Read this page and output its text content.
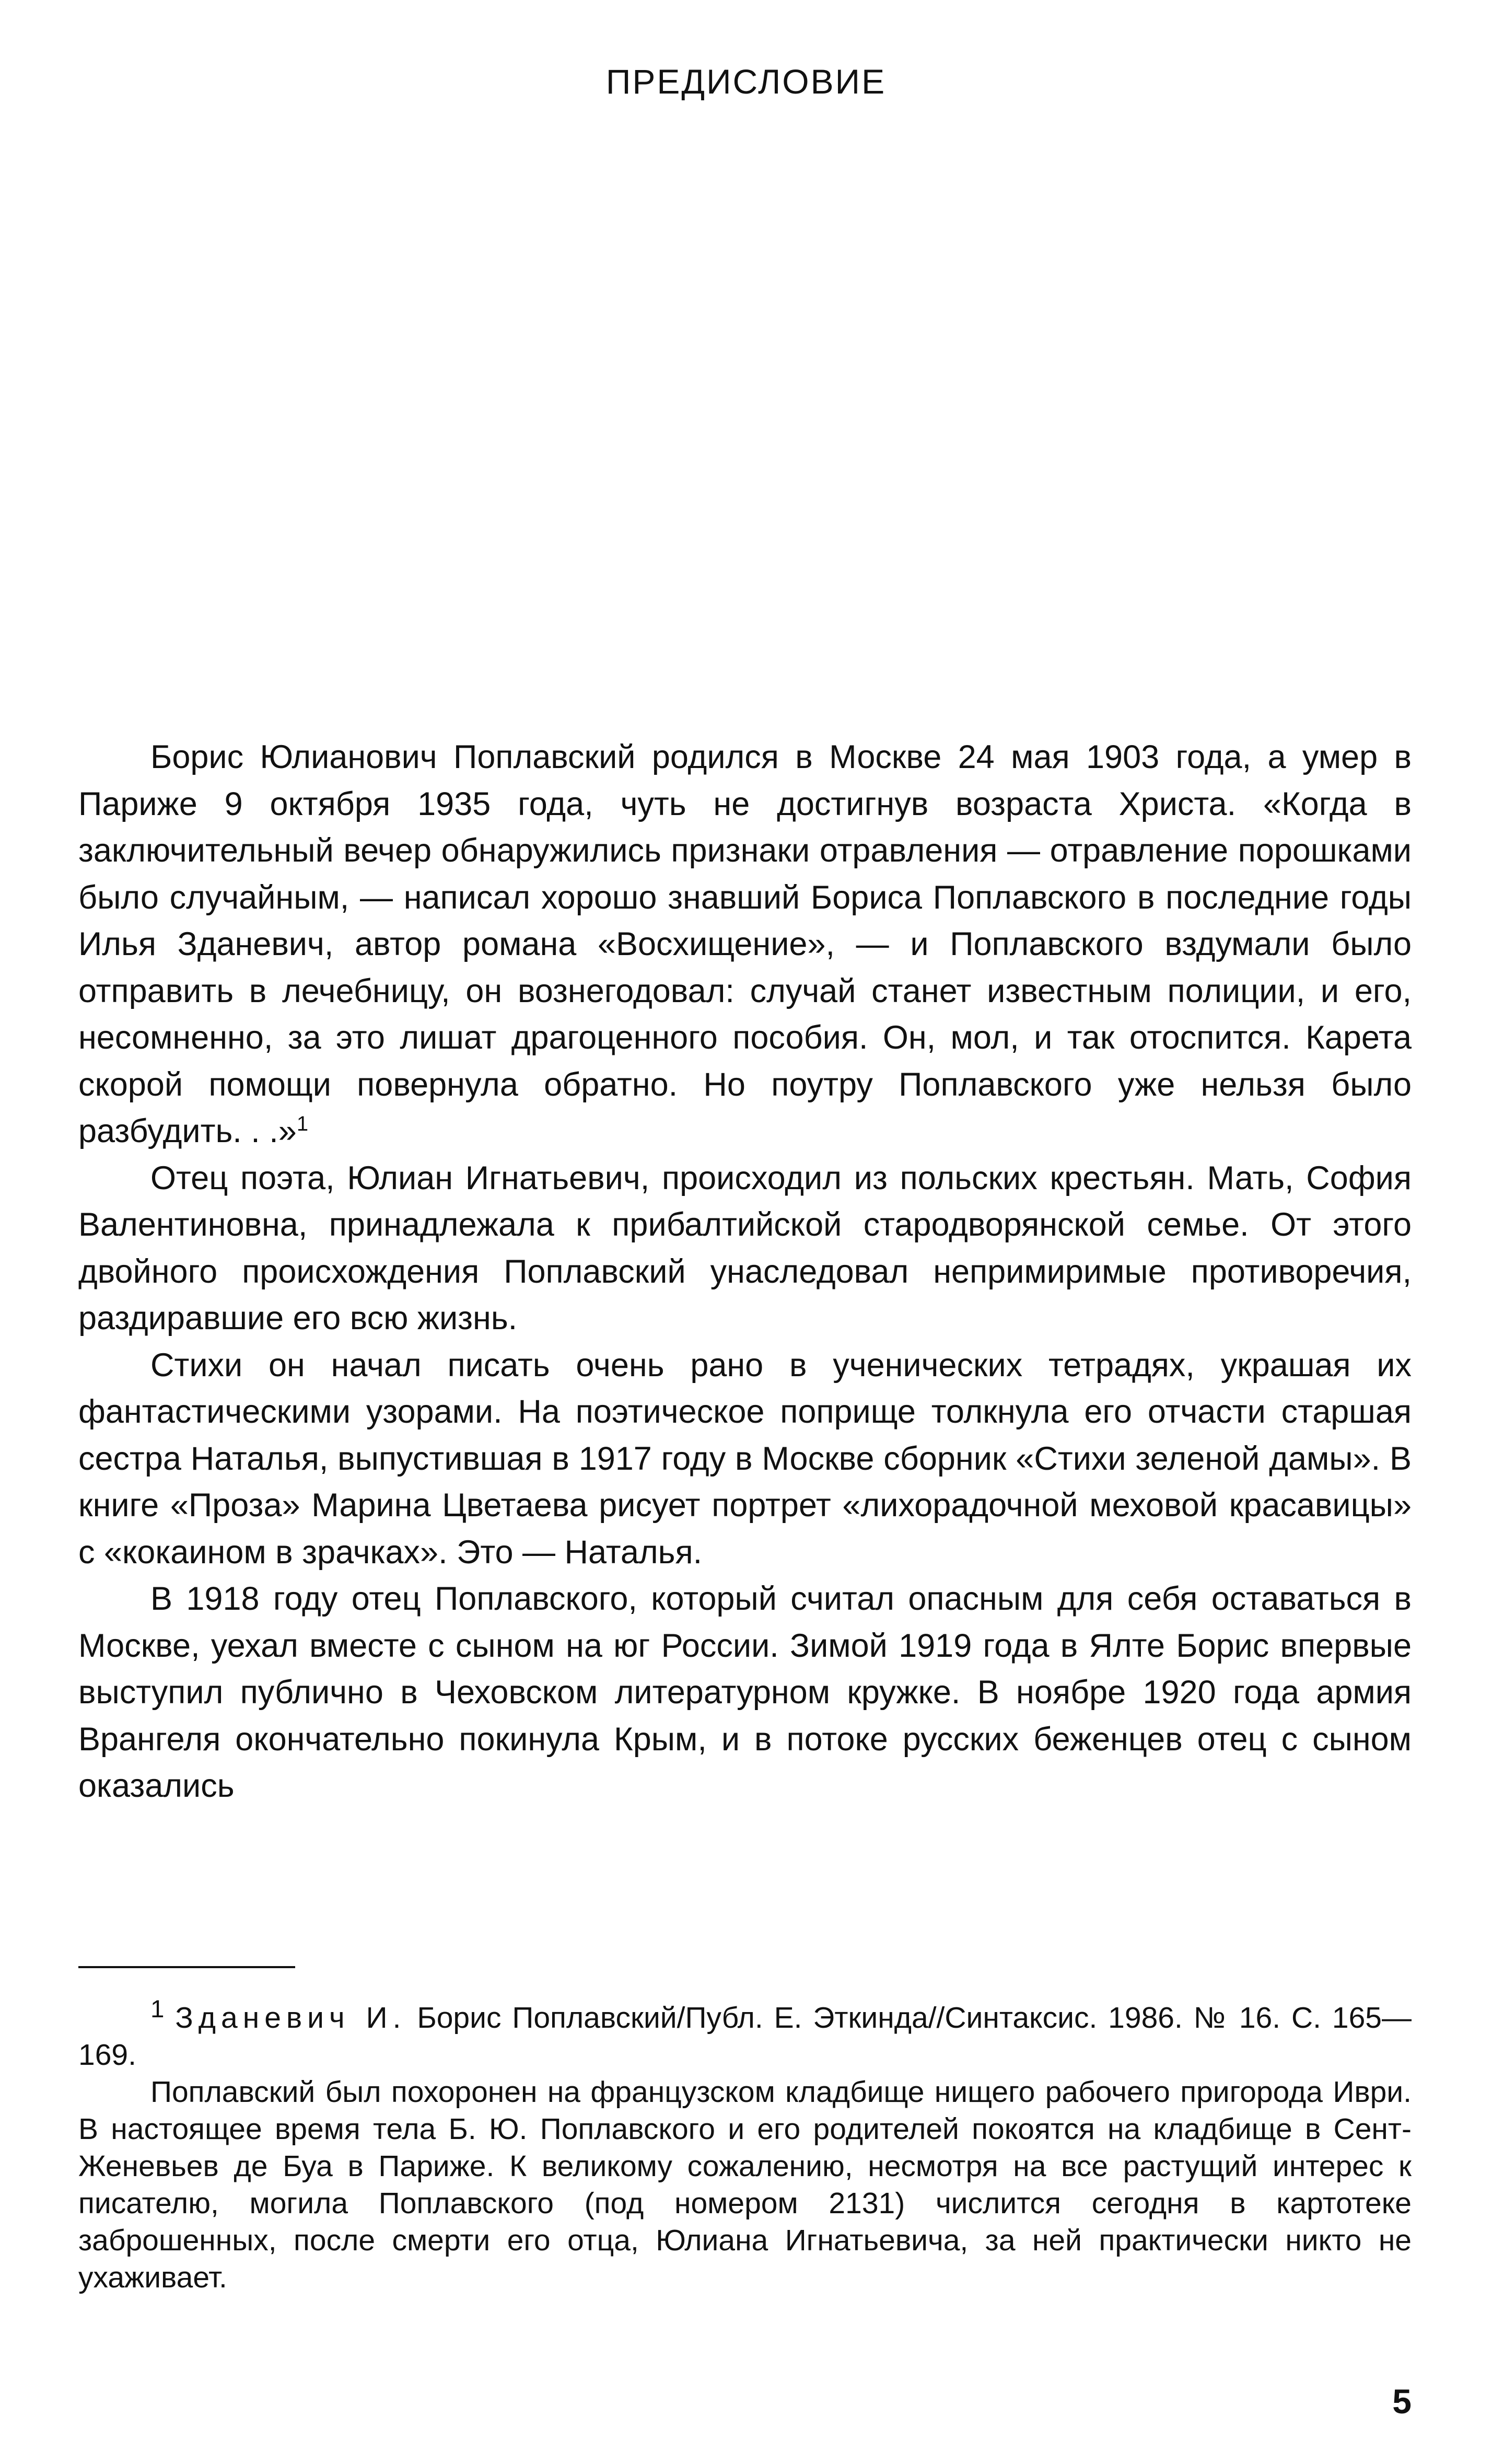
ПРЕДИСЛОВИЕ

Борис Юлианович Поплавский родился в Москве 24 мая 1903 года, а умер в Париже 9 октября 1935 года, чуть не достигнув возраста Христа. «Когда в заключительный вечер обнаружились признаки отравления — отравление порошками было случайным, — написал хорошо знавший Бориса Поплавского в последние годы Илья Зданевич, автор романа «Восхищение», — и Поплавского вздумали было отправить в лечебницу, он вознегодовал: случай станет известным полиции, и его, несомненно, за это лишат драгоценного пособия. Он, мол, и так отоспится. Карета скорой помощи повернула обратно. Но поутру Поплавского уже нельзя было разбудить. . .»$^1$

Отец поэта, Юлиан Игнатьевич, происходил из польских крестьян. Мать, София Валентиновна, принадлежала к прибалтийской стародворянской семье. От этого двойного происхождения Поплавский унаследовал непримиримые противоречия, раздиравшие его всю жизнь.

Стихи он начал писать очень рано в ученических тетрадях, украшая их фантастическими узорами. На поэтическое поприще толкнула его отчасти старшая сестра Наталья, выпустившая в 1917 году в Москве сборник «Стихи зеленой дамы». В книге «Проза» Марина Цветаева рисует портрет «лихорадочной меховой красавицы» с «кокаином в зрачках». Это — Наталья.

В 1918 году отец Поплавского, который считал опасным для себя оставаться в Москве, уехал вместе с сыном на юг России. Зимой 1919 года в Ялте Борис впервые выступил публично в Чеховском литературном кружке. В ноябре 1920 года армия Врангеля окончательно покинула Крым, и в потоке русских беженцев отец с сыном оказались

$^1$ Зданевич И. Борис Поплавский/Публ. Е. Эткинда//Синтаксис. 1986. № 16. С. 165—169.

Поплавский был похоронен на французском кладбище нищего рабочего пригорода Иври. В настоящее время тела Б. Ю. Поплавского и его родителей покоятся на кладбище в Сент-Женевьев де Буа в Париже. К великому сожалению, несмотря на все растущий интерес к писателю, могила Поплавского (под номером 2131) числится сегодня в картотеке заброшенных, после смерти его отца, Юлиана Игнатьевича, за ней практически никто не ухаживает.

5
